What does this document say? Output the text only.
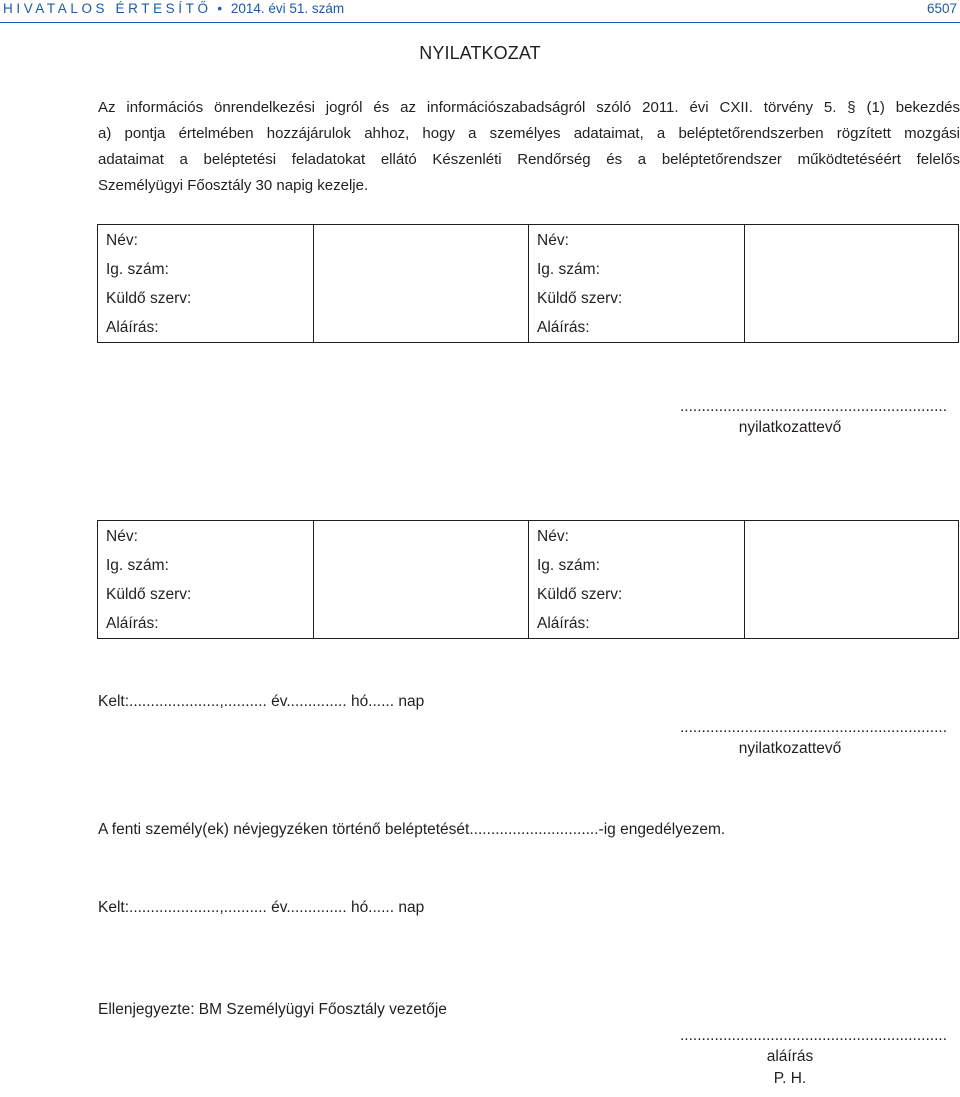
HIVATALOS ÉRTESÍTŐ • 2014. évi 51. szám	6507
NYILATKOZAT
Az információs önrendelkezési jogról és az információszabadságról szóló 2011. évi CXII. törvény 5. § (1) bekezdés
a) pontja értelmében hozzájárulok ahhoz, hogy a személyes adataimat, a beléptetőrendszerben rögzített mozgási
adataimat a beléptetési feladatokat ellátó Készenléti Rendőrség és a beléptetőrendszer működtetéséért felelős
Személyügyi Főosztály 30 napig kezelje.
Név:
Ig. szám:
Küldő szerv:
Aláírás:

Név:
Ig. szám:
Küldő szerv:
Aláírás:

..............................................................
nyilatkozattevő
Név:
Ig. szám:
Küldő szerv:
Aláírás:

Név:
Ig. szám:
Küldő szerv:
Aláírás:

Kelt:.....................,.......... év.............. hó...... nap
..............................................................
nyilatkozattevő
A fenti személy(ek) névjegyzéken történő beléptetését..............................-ig engedélyezem.
Kelt:.....................,.......... év.............. hó...... nap
Ellenjegyezte: BM Személyügyi Főosztály vezetője
..............................................................
aláírás
P. H.
